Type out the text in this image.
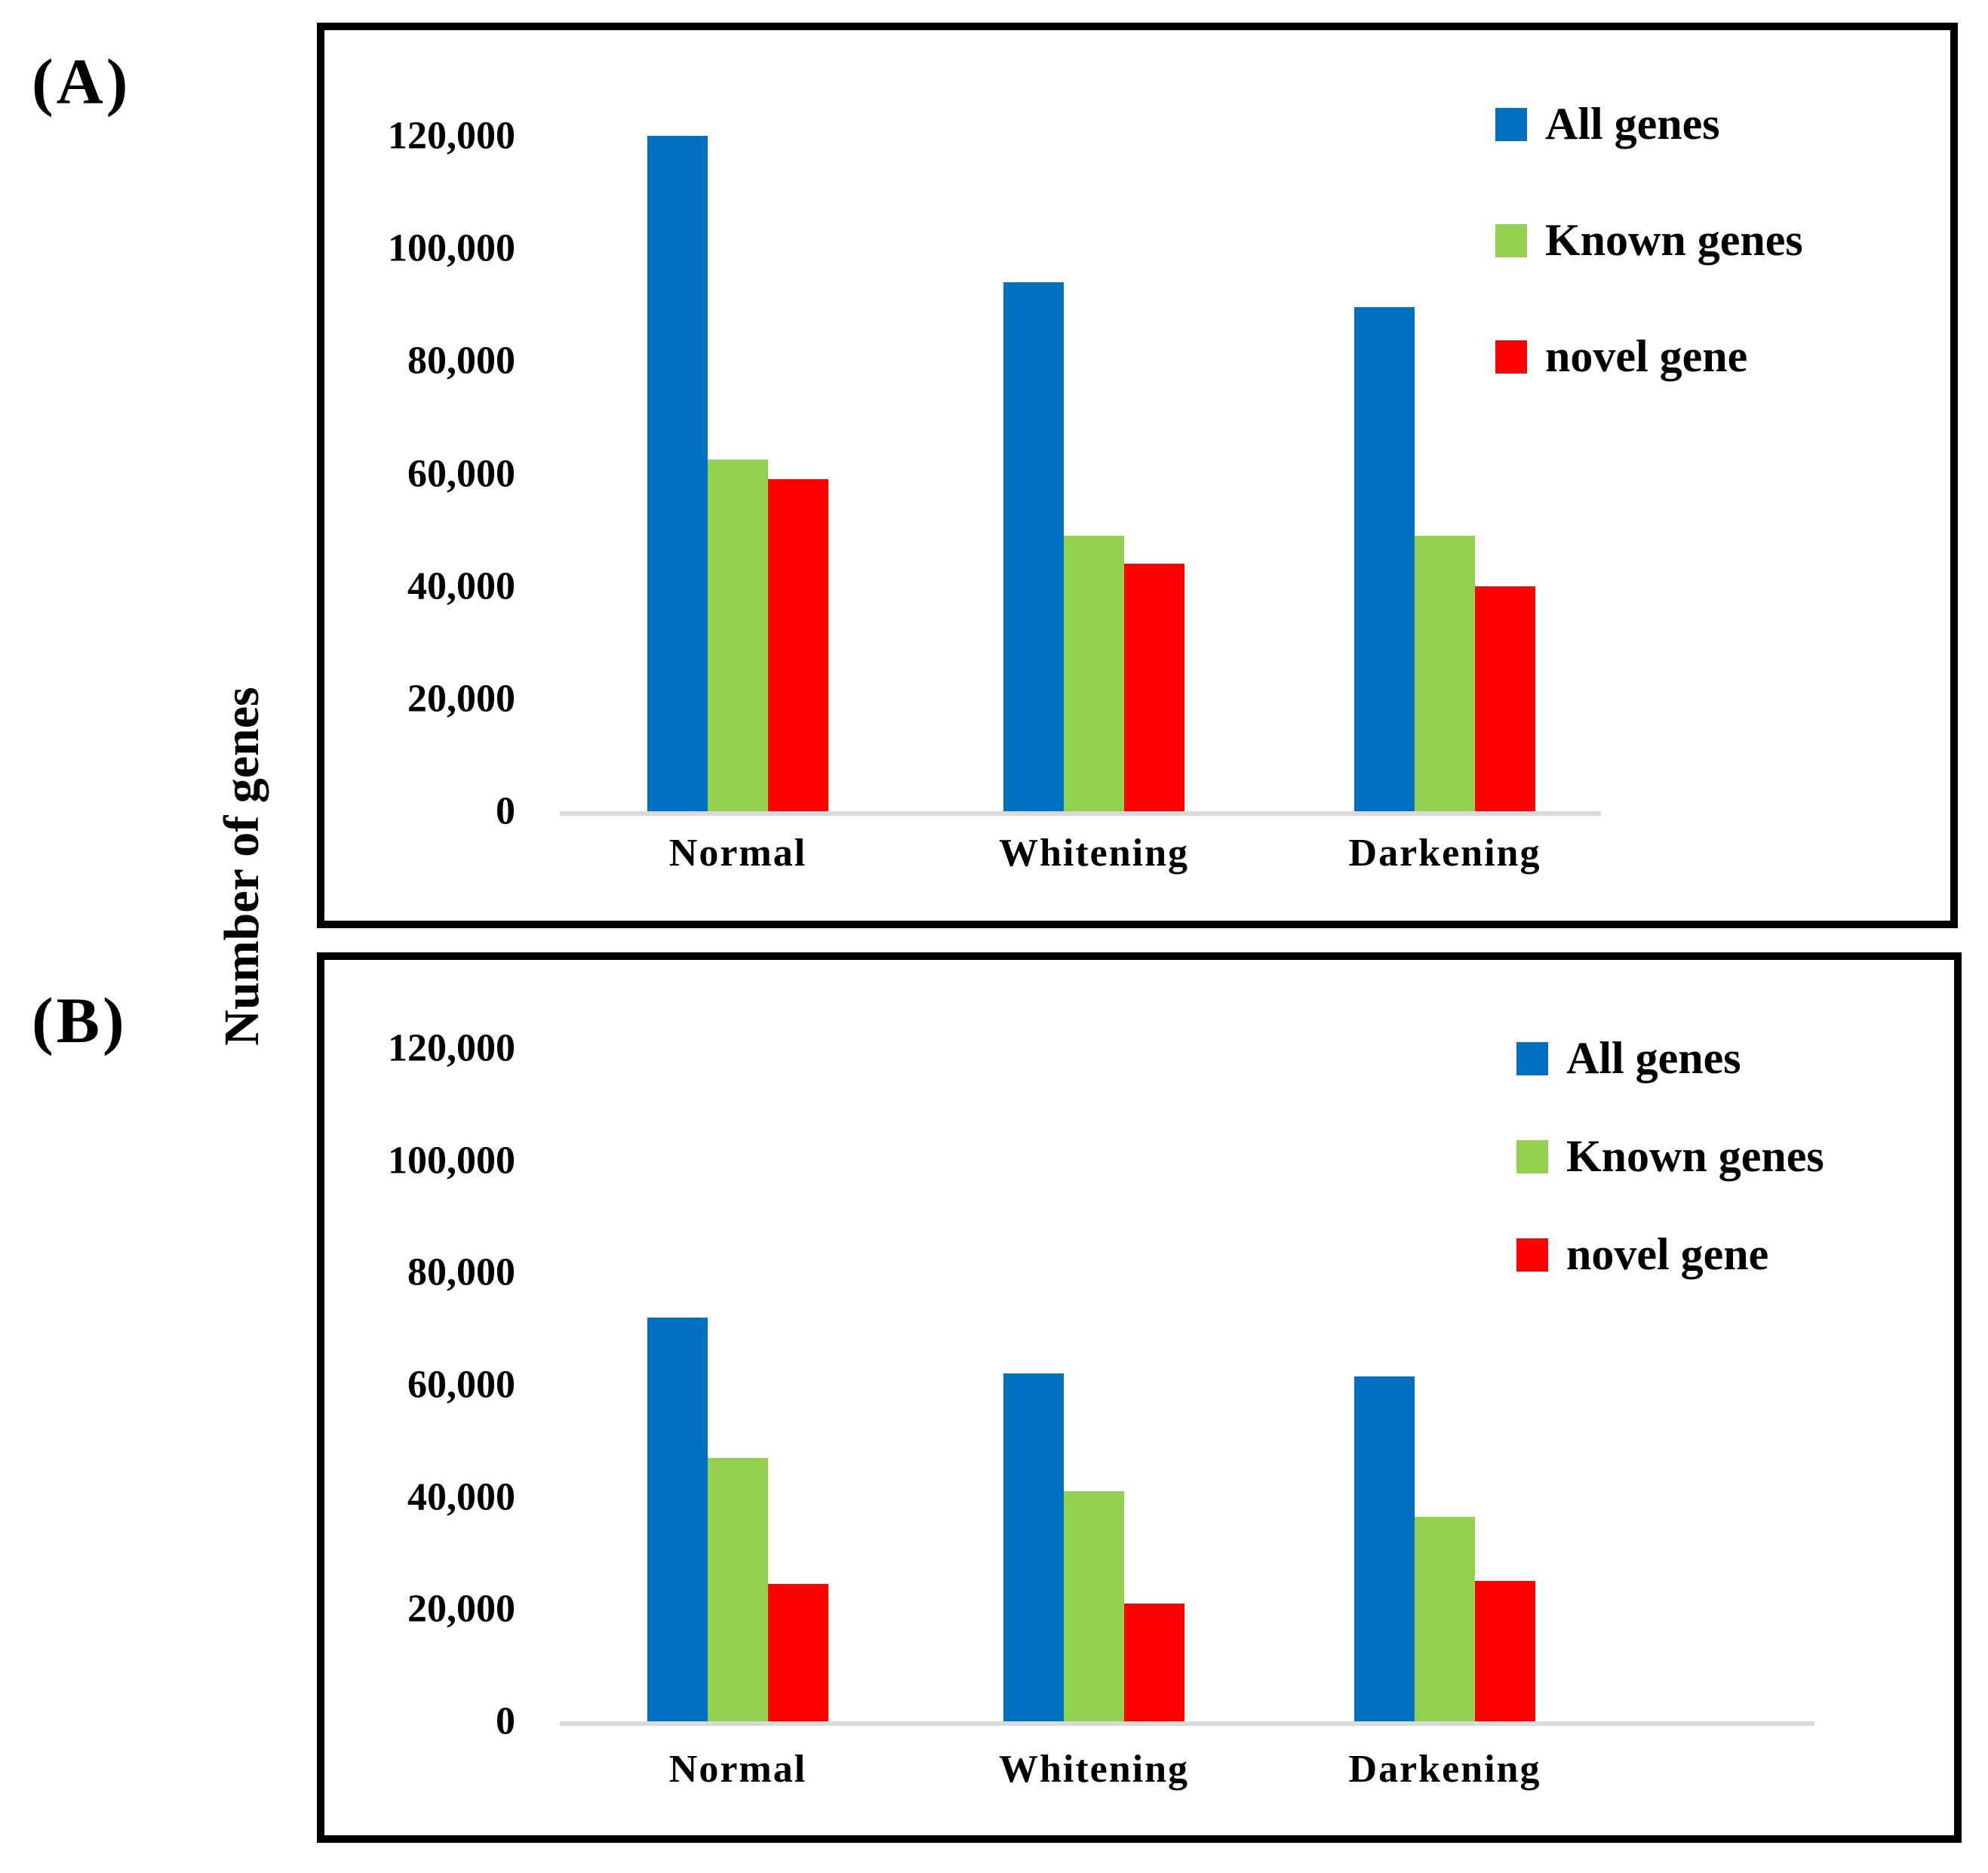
(A)
(B) Number of genes	0
20,000
40,000
60,000
80,000
100,000
120,000
Normal	Whitening	Darkening
All genes
Known genes
novel gene
0
20,000
40,000
60,000
80,000
100,000
120,000
Normal	Whitening	Darkening
All genes
Known genes
novel gene
